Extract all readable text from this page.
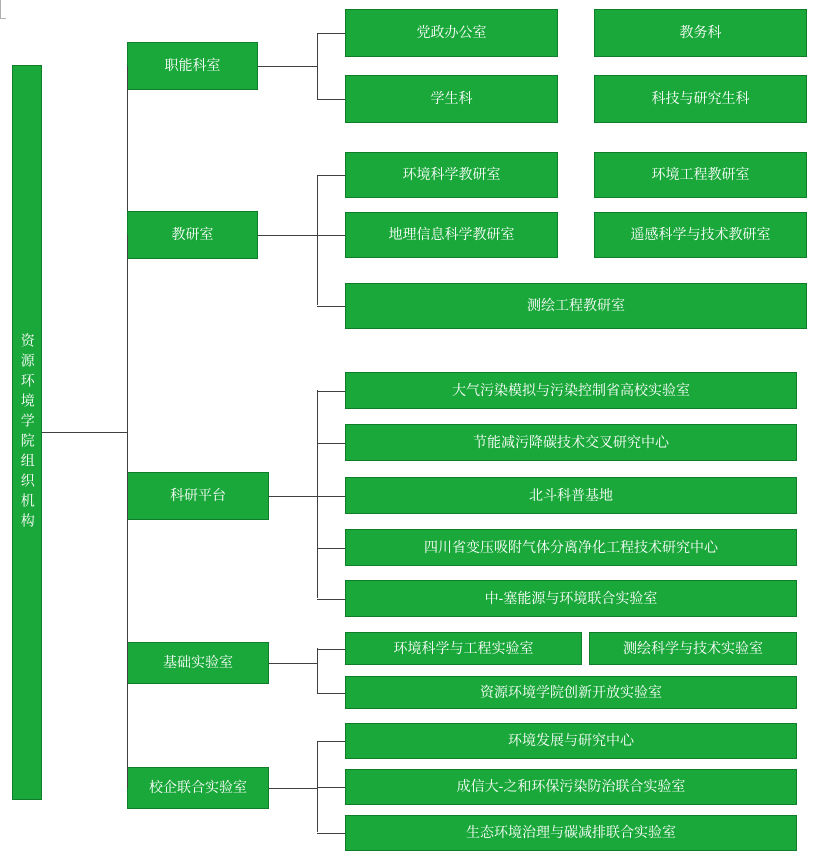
资源环境学院组织机构
职能科室
党政办公室	教务科
学生科	科技与研究生科
教研室
环境科学教研室	环境工程教研室
地理信息科学教研室	遥感科学与技术教研室
测绘工程教研室
科研平台
大气污染模拟与污染控制省高校实验室
节能减污降碳技术交叉研究中心
北斗科普基地
四川省变压吸附气体分离净化工程技术研究中心
中-塞能源与环境联合实验室
基础实验室
环境科学与工程实验室	测绘科学与技术实验室
资源环境学院创新开放实验室
校企联合实验室
环境发展与研究中心
成信大-之和环保污染防治联合实验室
生态环境治理与碳减排联合实验室
